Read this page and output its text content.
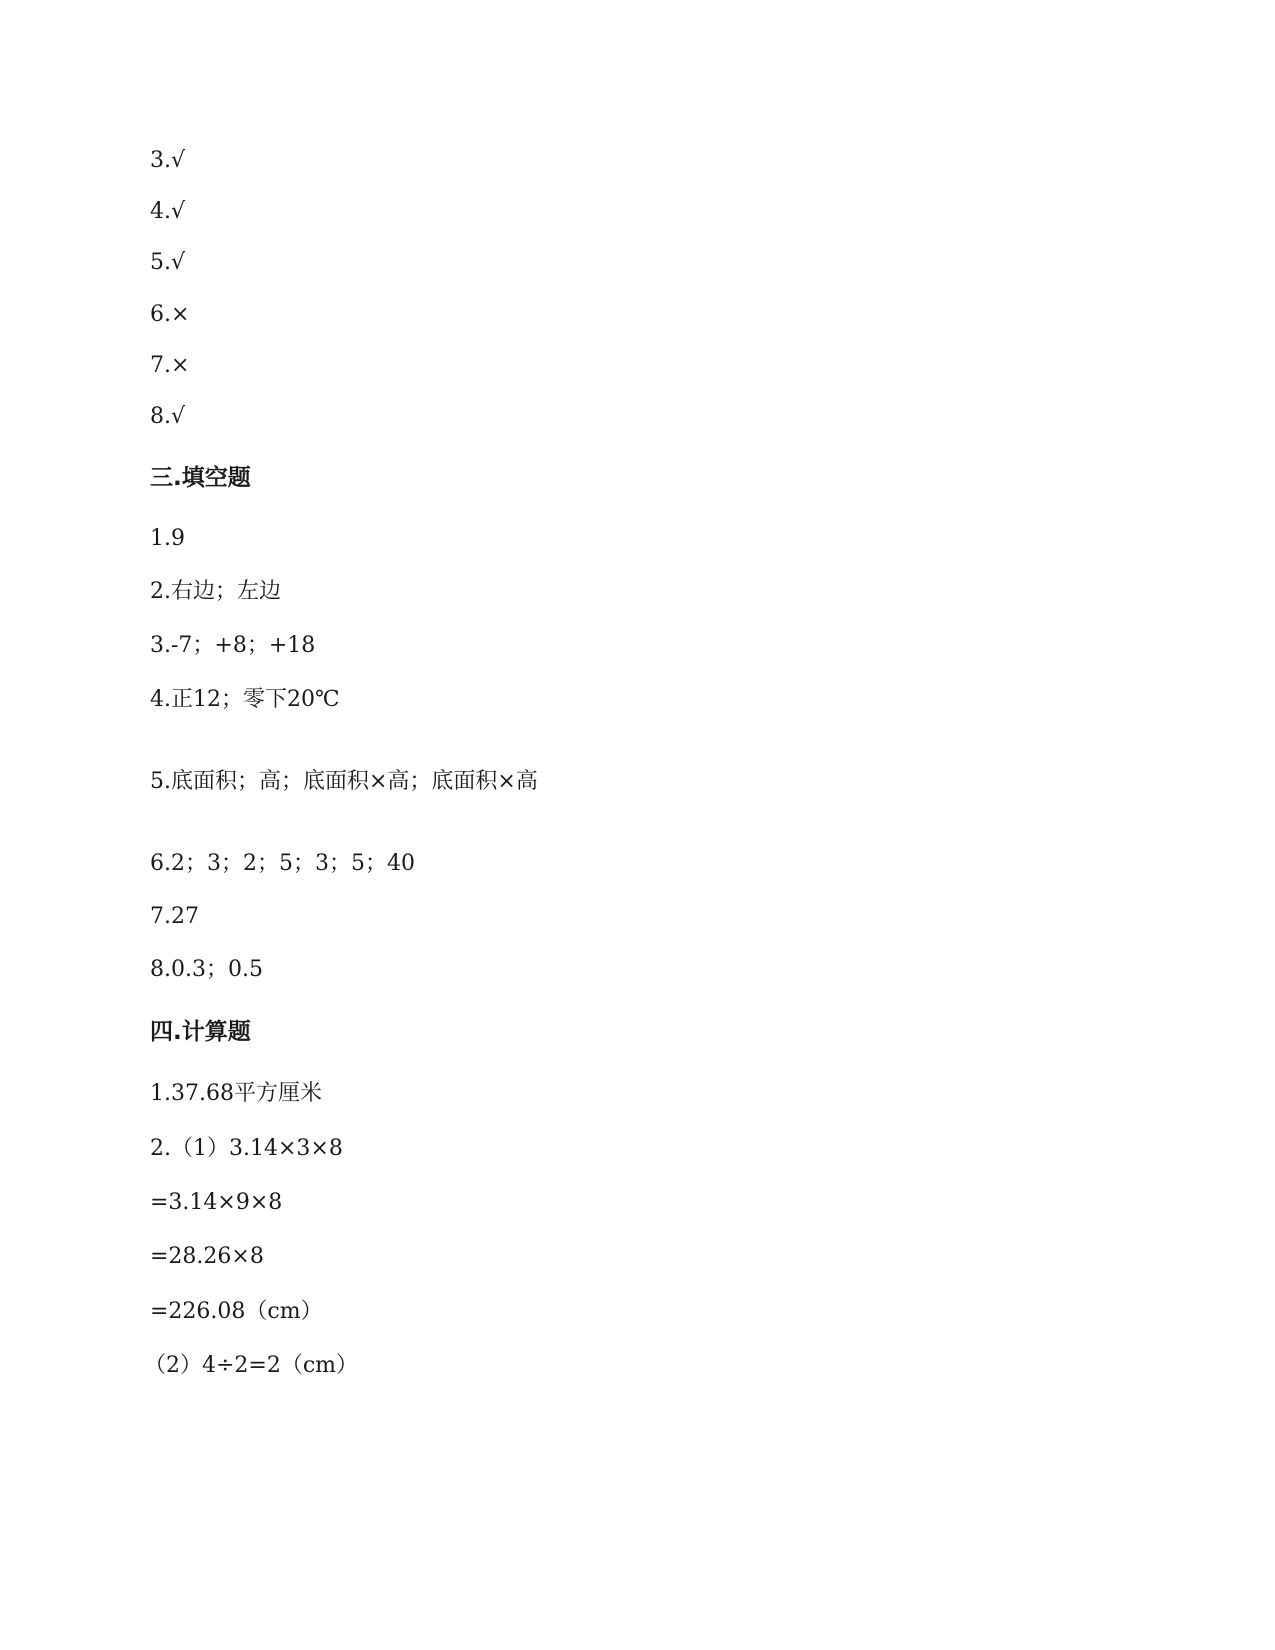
3.√
4.√
5.√
6.×
7.×
8.√
三.填空题
1.9
2.右边；左边
3.-7；+8；+18
4.正12；零下20℃
5.底面积；高；底面积×高；底面积×高
6.2；3；2；5；3；5；40
7.27
8.0.3；0.5
四.计算题
1.37.68平方厘米
2.（1）3.14×3×8
=3.14×9×8
=28.26×8
=226.08（cm）
（2）4÷2=2（cm）
